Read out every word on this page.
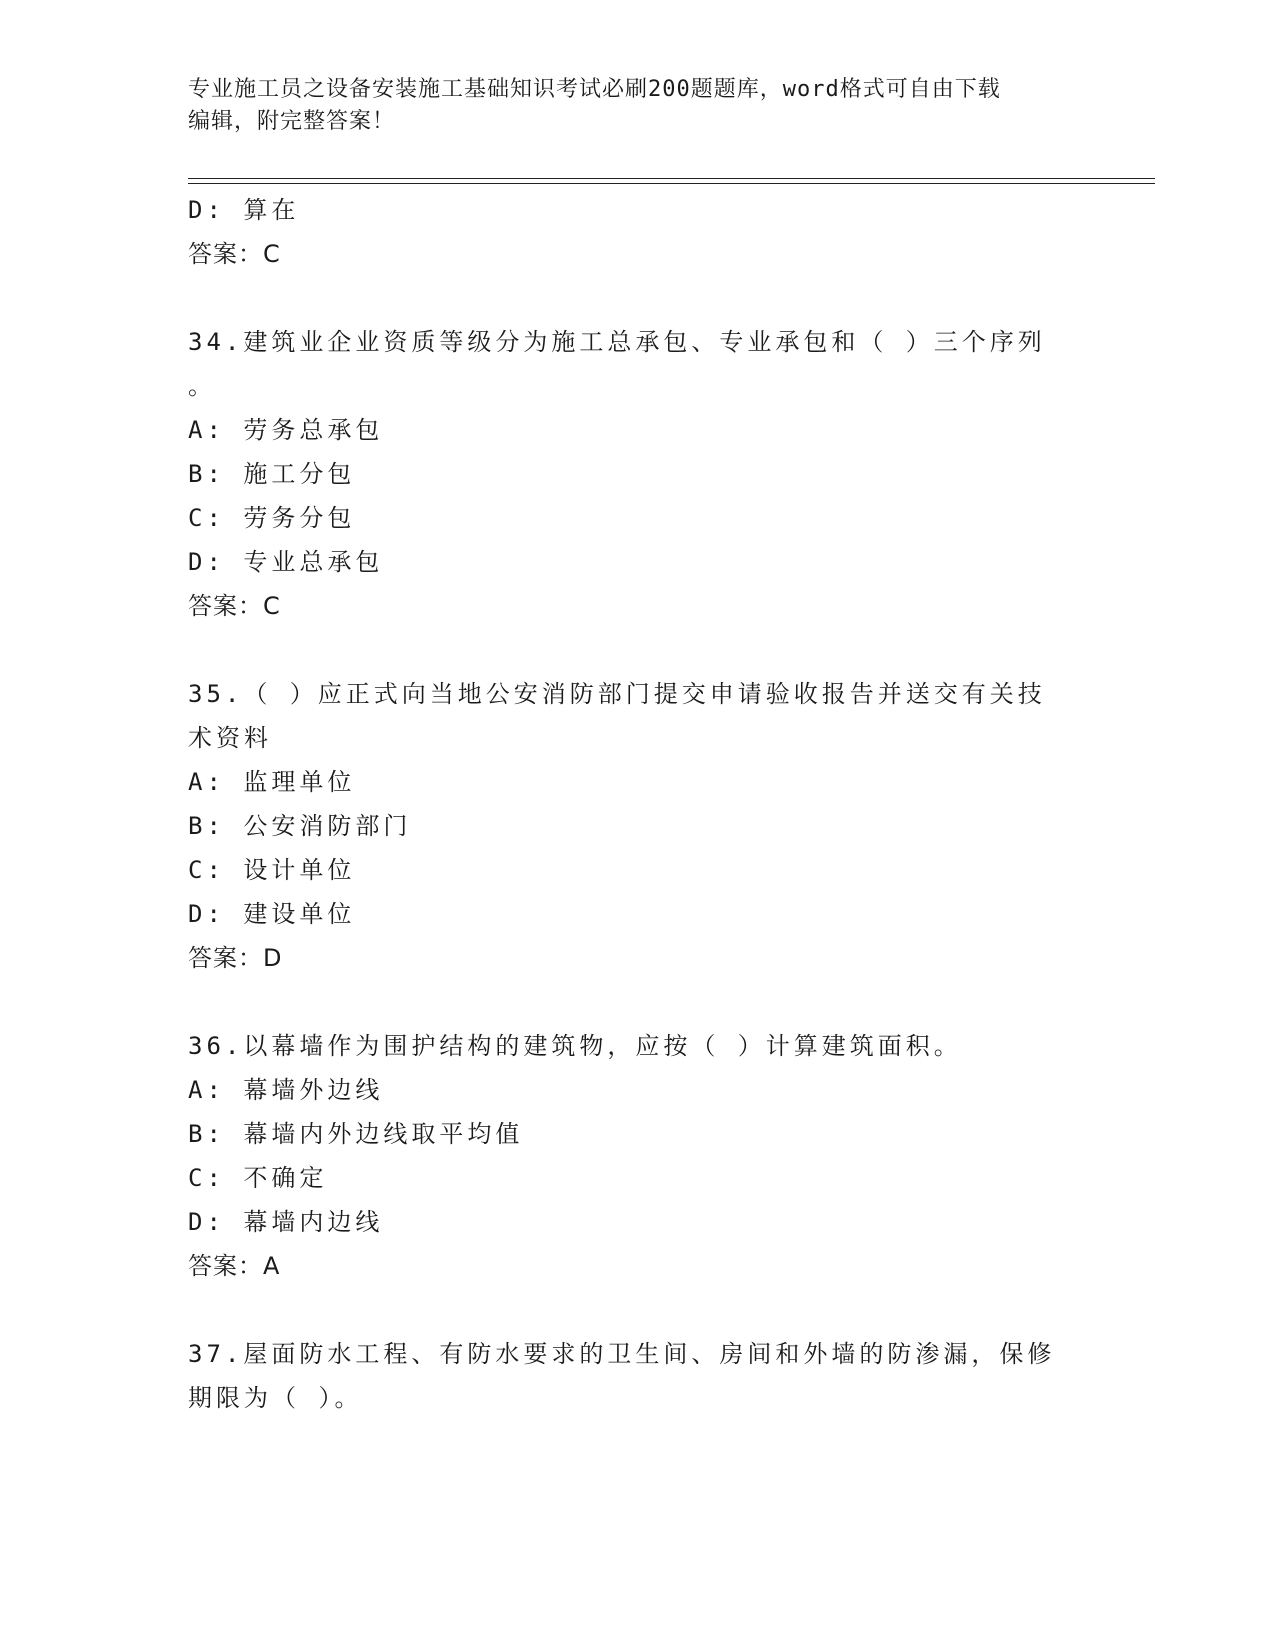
专业施工员之设备安装施工基础知识考试必刷200题题库，word格式可自由下载
编辑，附完整答案！
D: 算在
答案：C
34.建筑业企业资质等级分为施工总承包、专业承包和（ ）三个序列
。
A: 劳务总承包
B: 施工分包
C: 劳务分包
D: 专业总承包
答案：C
35.（ ）应正式向当地公安消防部门提交申请验收报告并送交有关技
术资料
A: 监理单位
B: 公安消防部门
C: 设计单位
D: 建设单位
答案：D
36.以幕墙作为围护结构的建筑物，应按（ ）计算建筑面积。
A: 幕墙外边线
B: 幕墙内外边线取平均值
C: 不确定
D: 幕墙内边线
答案：A
37.屋面防水工程、有防水要求的卫生间、房间和外墙的防渗漏，保修
期限为（ ）。
